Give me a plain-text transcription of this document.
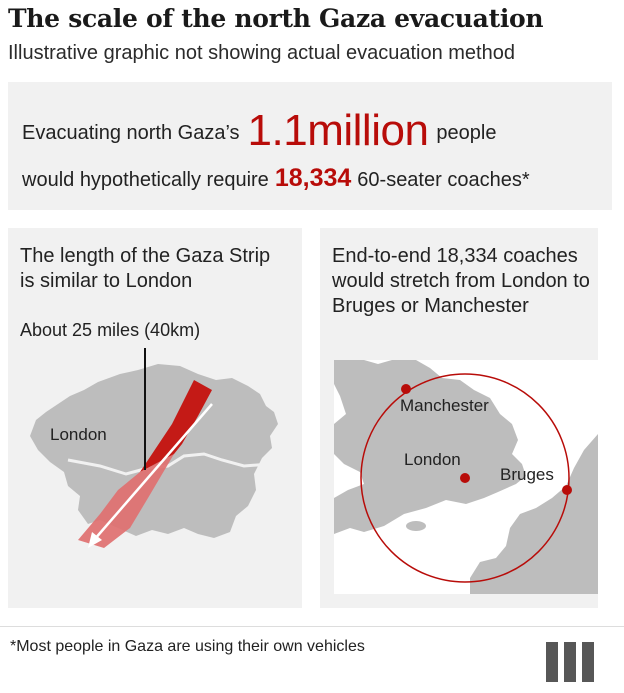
The scale of the north Gaza evacuation
Illustrative graphic not showing actual evacuation method
Evacuating north Gaza’s 1.1million people
would hypothetically require 18,334 60-seater coaches*
The length of the Gaza Strip is similar to London
About 25 miles (40km)
London
End-to-end 18,334 coaches would stretch from London to Bruges or Manchester
Manchester
London
Bruges
*Most people in Gaza are using their own vehicles
